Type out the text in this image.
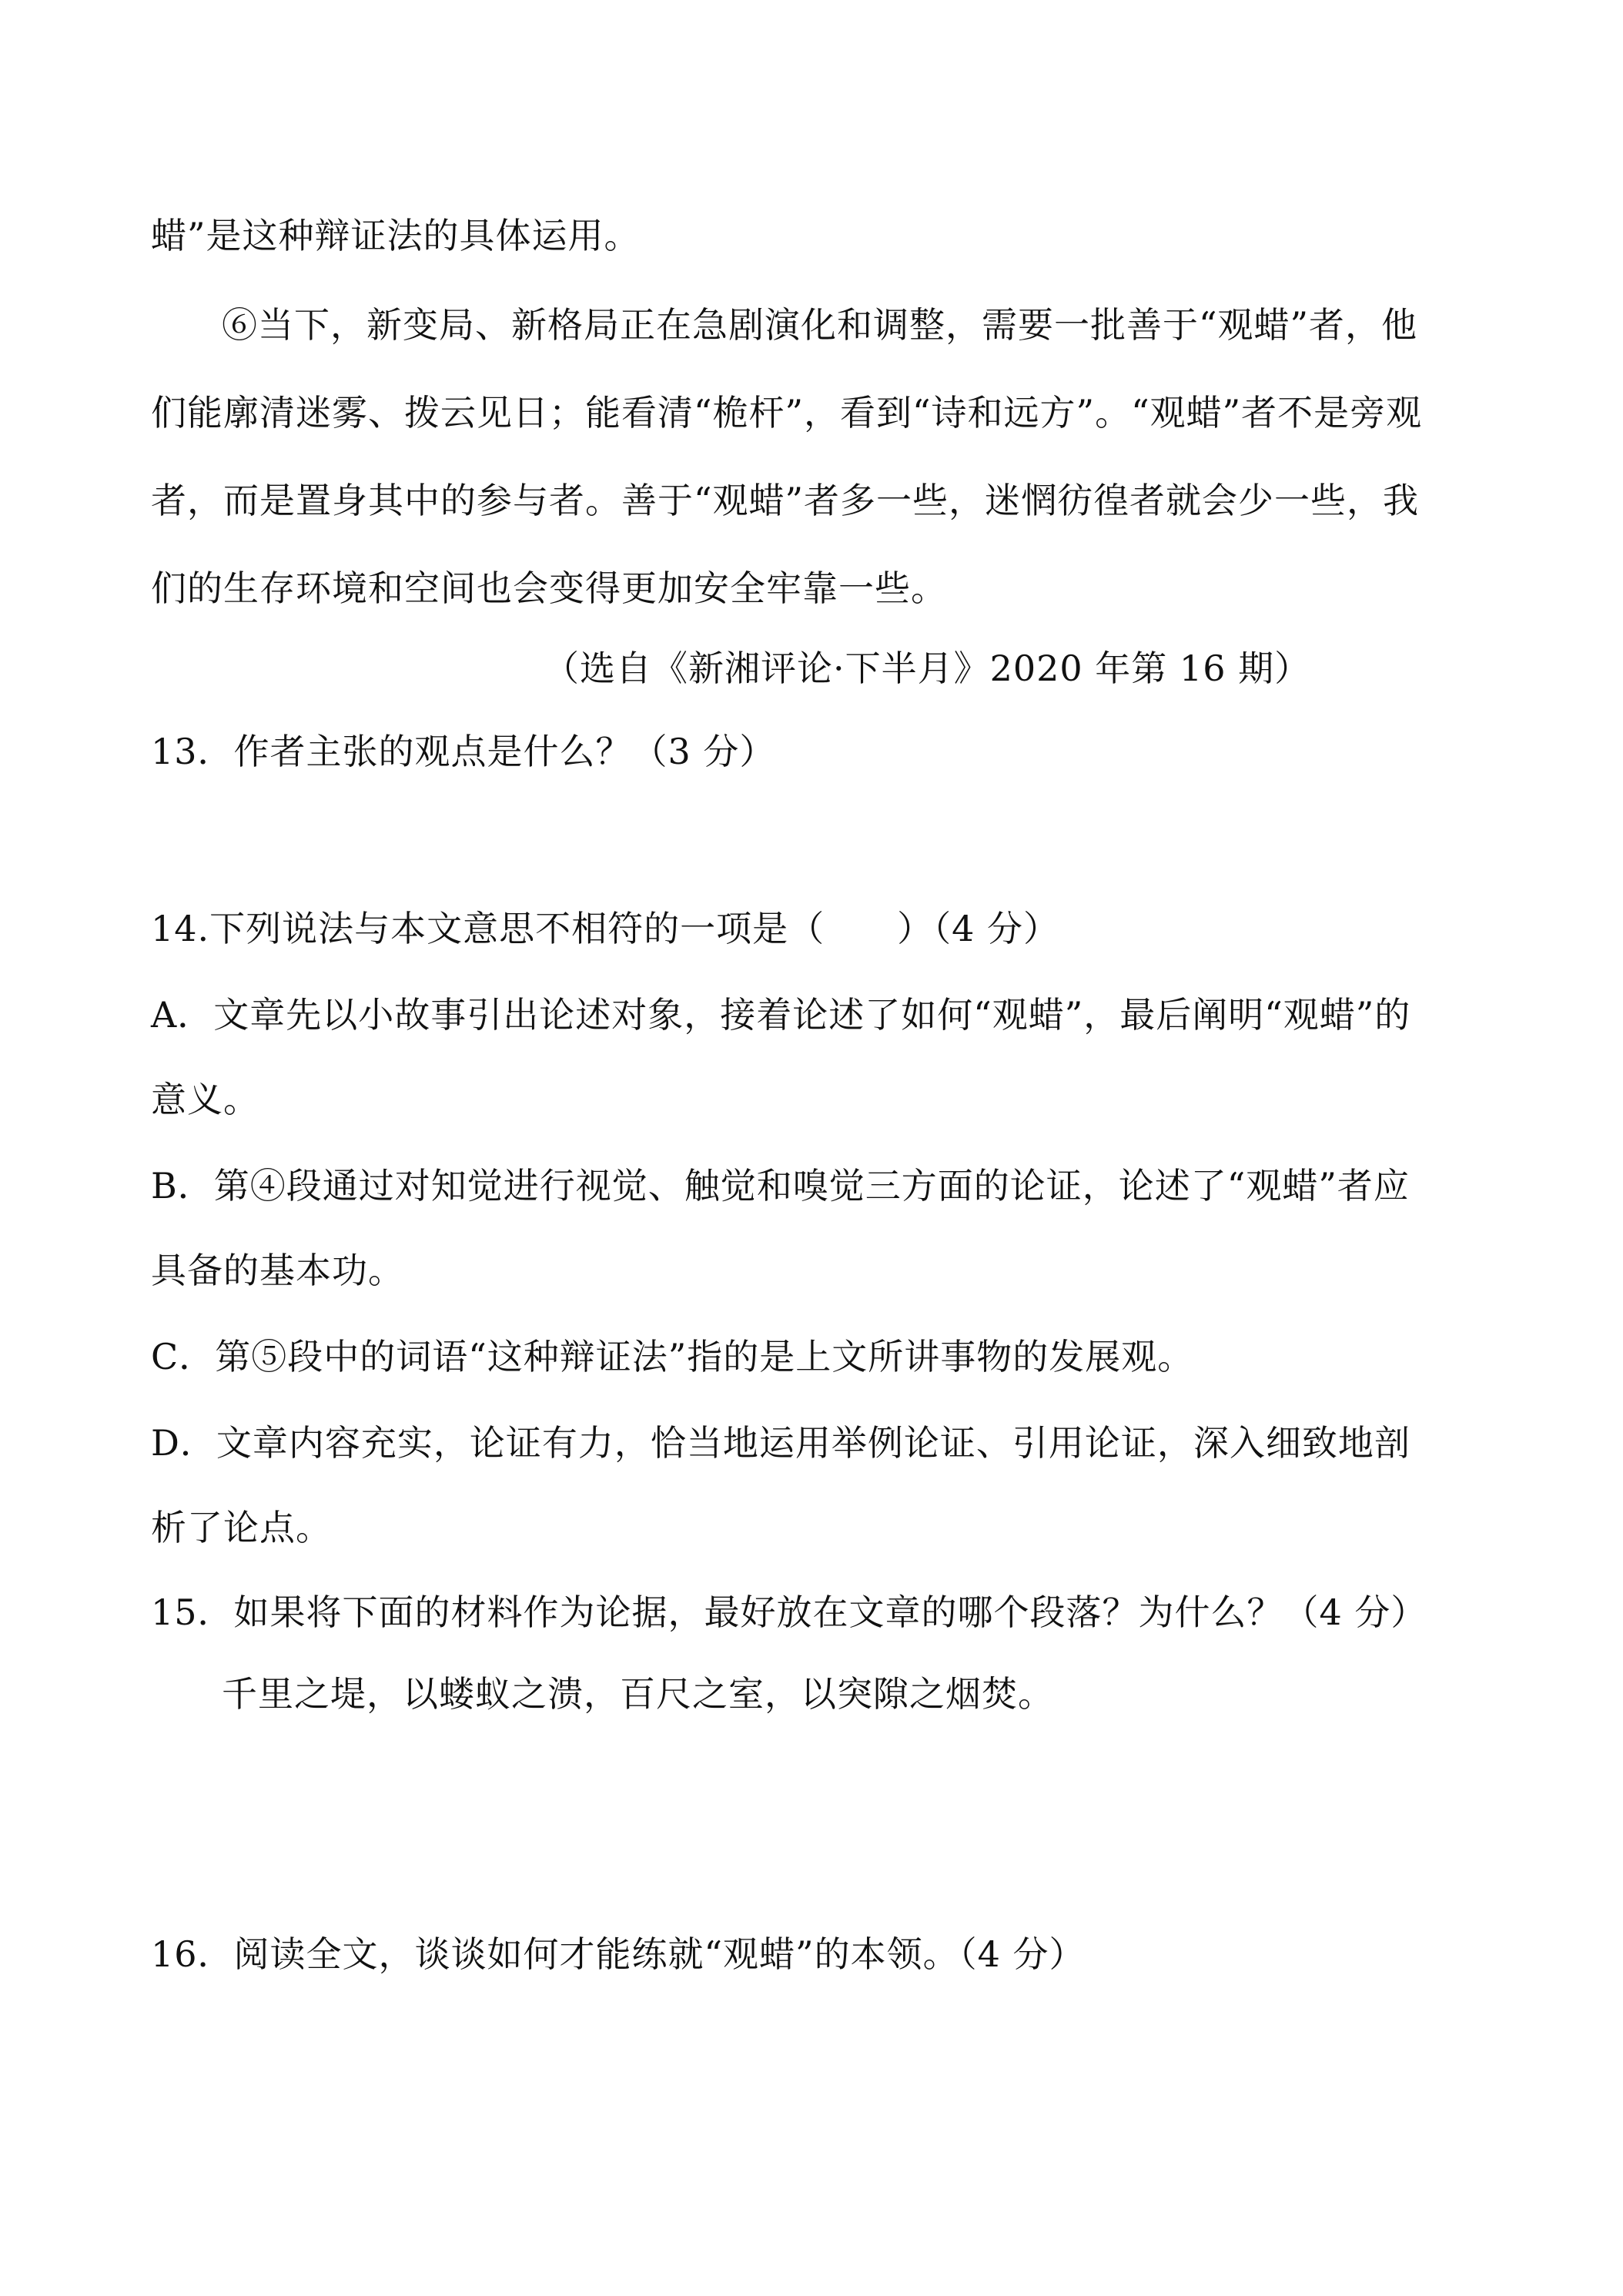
蜡”是这种辩证法的具体运用。
⑥当下，新变局、新格局正在急剧演化和调整，需要一批善于“观蜡”者，他
们能廓清迷雾、拨云见日；能看清“桅杆”，看到“诗和远方”。“观蜡”者不是旁观
者，而是置身其中的参与者。善于“观蜡”者多一些，迷惘彷徨者就会少一些，我
们的生存环境和空间也会变得更加安全牢靠一些。
（选自《新湘评论·下半月》2020 年第 16 期）
13．作者主张的观点是什么？（3 分）
14.下列说法与本文意思不相符的一项是（　　）（4 分）
A．文章先以小故事引出论述对象，接着论述了如何“观蜡”，最后阐明“观蜡”的
意义。
B．第④段通过对知觉进行视觉、触觉和嗅觉三方面的论证，论述了“观蜡”者应
具备的基本功。
C．第⑤段中的词语“这种辩证法”指的是上文所讲事物的发展观。
D．文章内容充实，论证有力，恰当地运用举例论证、引用论证，深入细致地剖
析了论点。
15．如果将下面的材料作为论据，最好放在文章的哪个段落？为什么？（4 分）
千里之堤，以蝼蚁之溃，百尺之室，以突隙之烟焚。
16．阅读全文，谈谈如何才能练就“观蜡”的本领。（4 分）
